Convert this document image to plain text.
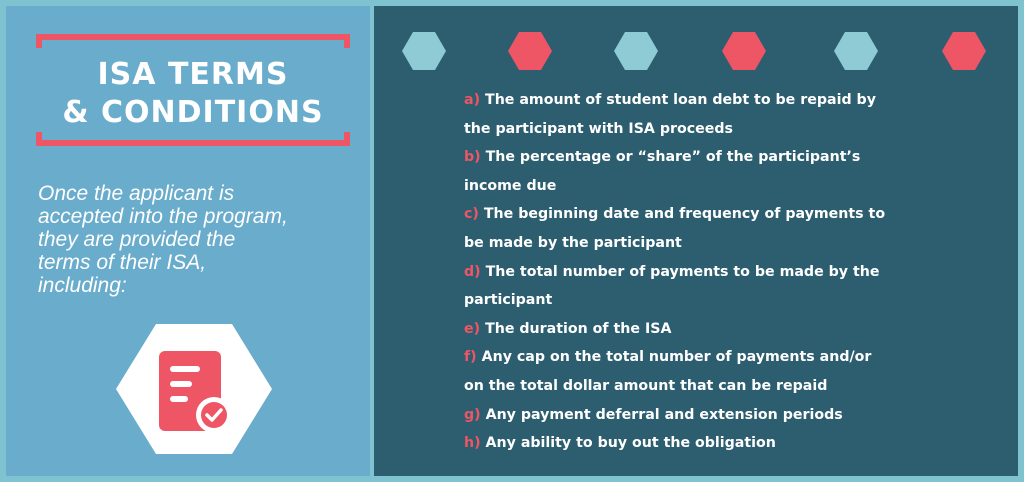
ISA TERMS
& CONDITIONS
Once the applicant is
accepted into the program,
they are provided the
terms of their ISA,
including:
a) The amount of student loan debt to be repaid by
the participant with ISA proceeds
b) The percentage or “share” of the participant’s
income due
c) The beginning date and frequency of payments to
be made by the participant
d) The total number of payments to be made by the
participant
e) The duration of the ISA
f) Any cap on the total number of payments and/or
on the total dollar amount that can be repaid
g) Any payment deferral and extension periods
h) Any ability to buy out the obligation
